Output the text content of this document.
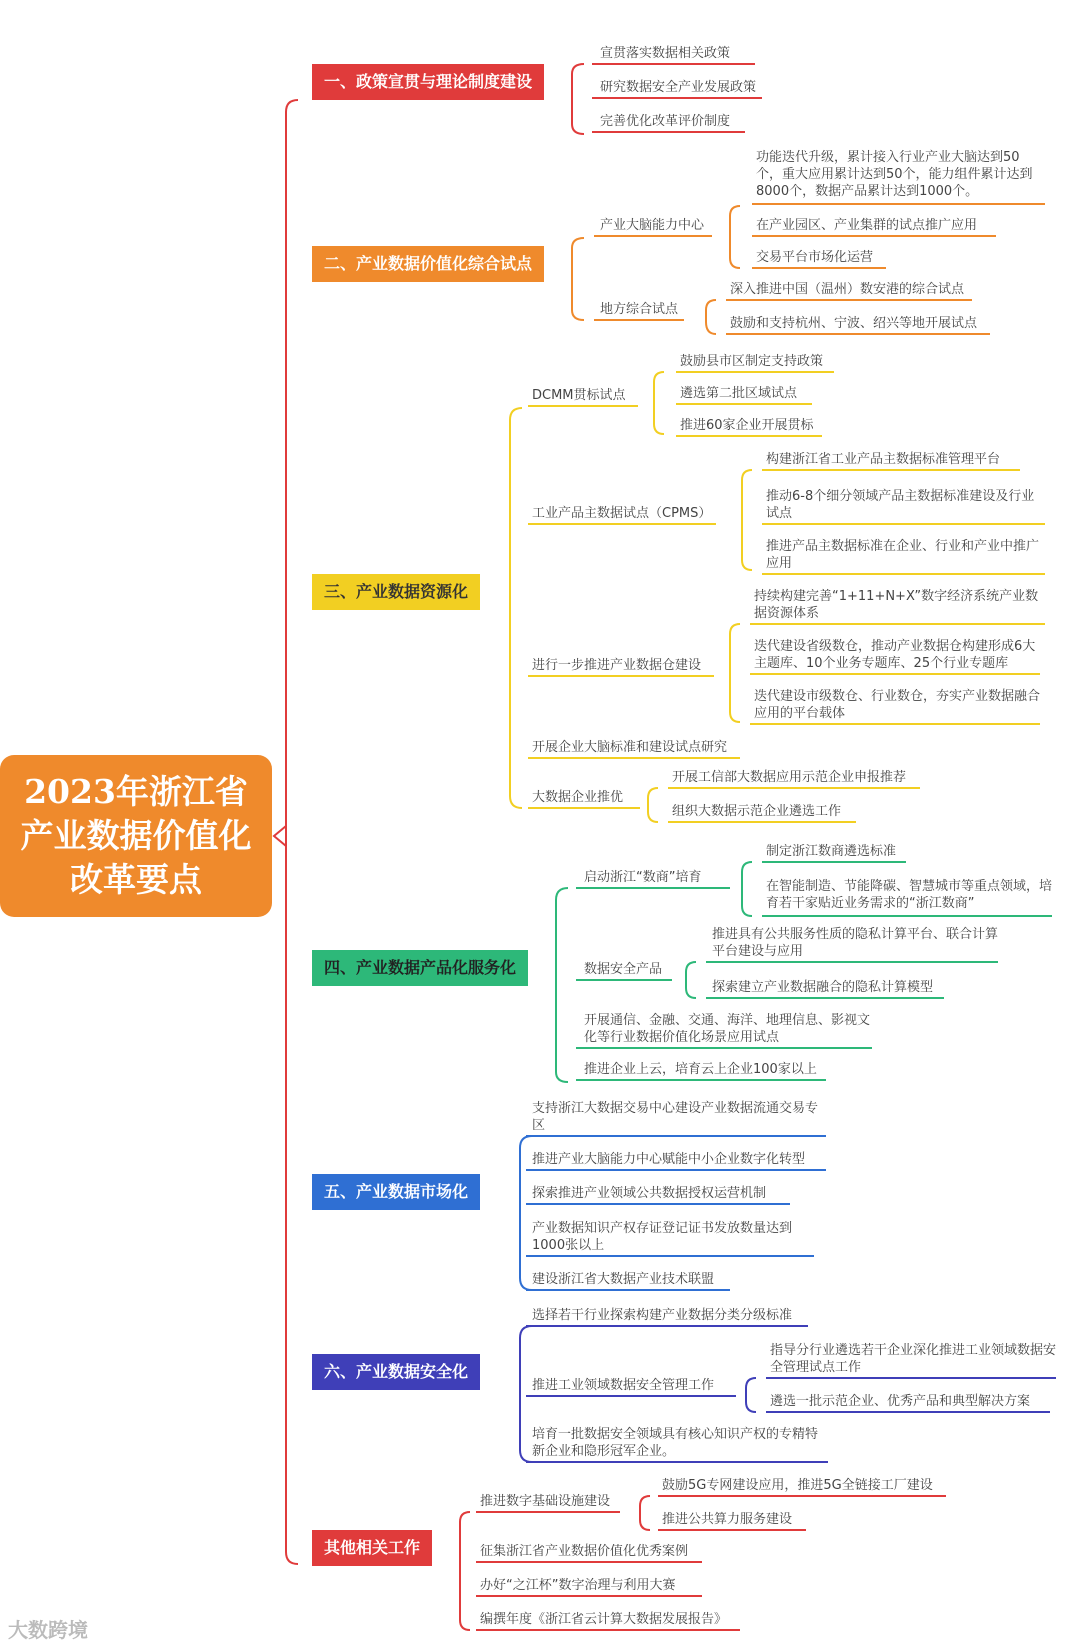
2023年浙江省
产业数据价值化
改革要点
一、政策宣贯与理论制度建设
二、产业数据价值化综合试点
三、产业数据资源化
四、产业数据产品化服务化
五、产业数据市场化
六、产业数据安全化
其他相关工作
宣贯落实数据相关政策
研究数据安全产业发展政策
完善优化改革评价制度
产业大脑能力中心
功能迭代升级，累计接入行业产业大脑达到50个，重大应用累计达到50个，能力组件累计达到8000个，数据产品累计达到1000个。
在产业园区、产业集群的试点推广应用
交易平台市场化运营
地方综合试点
深入推进中国（温州）数安港的综合试点
鼓励和支持杭州、宁波、绍兴等地开展试点
DCMM贯标试点
鼓励县市区制定支持政策
遴选第二批区域试点
推进60家企业开展贯标
工业产品主数据试点（CPMS）
构建浙江省工业产品主数据标准管理平台
推动6-8个细分领域产品主数据标准建设及行业试点
推进产品主数据标准在企业、行业和产业中推广应用
进行一步推进产业数据仓建设
持续构建完善“1+11+N+X”数字经济系统产业数据资源体系
迭代建设省级数仓，推动产业数据仓构建形成6大主题库、10个业务专题库、25个行业专题库
迭代建设市级数仓、行业数仓，夯实产业数据融合应用的平台载体
开展企业大脑标准和建设试点研究
大数据企业推优
开展工信部大数据应用示范企业申报推荐
组织大数据示范企业遴选工作
启动浙江“数商”培育
制定浙江数商遴选标准
在智能制造、节能降碳、智慧城市等重点领域，培育若干家贴近业务需求的“浙江数商”
数据安全产品
推进具有公共服务性质的隐私计算平台、联合计算平台建设与应用
探索建立产业数据融合的隐私计算模型
开展通信、金融、交通、海洋、地理信息、影视文化等行业数据价值化场景应用试点
推进企业上云，培育云上企业100家以上
支持浙江大数据交易中心建设产业数据流通交易专区
推进产业大脑能力中心赋能中小企业数字化转型
探索推进产业领域公共数据授权运营机制
产业数据知识产权存证登记证书发放数量达到1000张以上
建设浙江省大数据产业技术联盟
选择若干行业探索构建产业数据分类分级标准
推进工业领域数据安全管理工作
指导分行业遴选若干企业深化推进工业领域数据安全管理试点工作
遴选一批示范企业、优秀产品和典型解决方案
培育一批数据安全领域具有核心知识产权的专精特新企业和隐形冠军企业。
推进数字基础设施建设
鼓励5G专网建设应用，推进5G全链接工厂建设
推进公共算力服务建设
征集浙江省产业数据价值化优秀案例
办好“之江杯”数字治理与利用大赛
编撰年度《浙江省云计算大数据发展报告》
大数跨境
